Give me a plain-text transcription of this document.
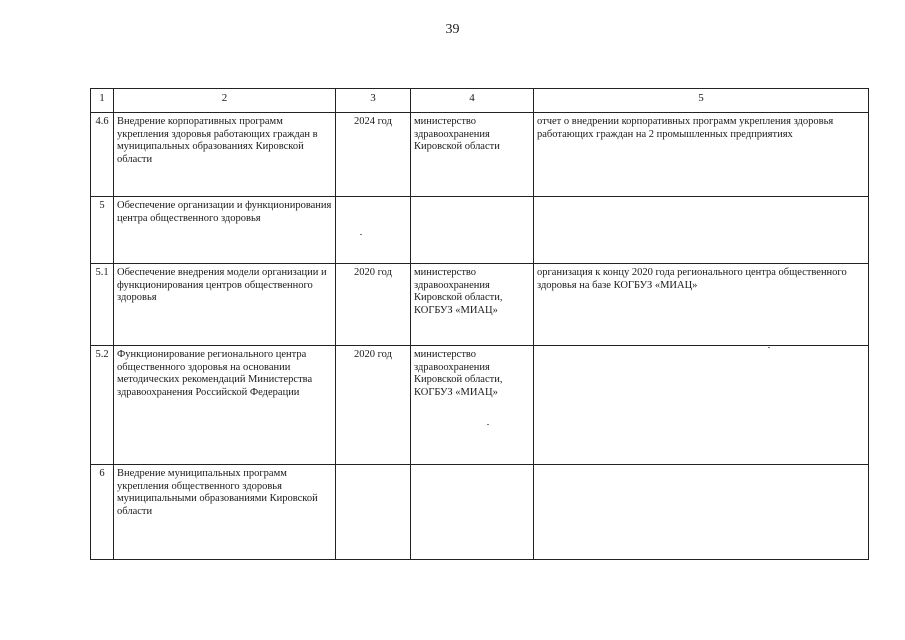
39
1	2	3	4	5
4.6	Внедрение корпоративных программ укрепления здоровья работающих граждан в муниципальных образованиях Кировской области	2024 год	министерство здравоохранения Кировской области	отчет о внедрении корпоративных программ укрепления здоровья работающих граждан на 2 промышленных предприятиях
5	Обеспечение организации и функционирования центра общественного здоровья			
5.1	Обеспечение внедрения модели организации и функционирования центров общественного здоровья	2020 год	министерство здравоохранения Кировской области, КОГБУЗ «МИАЦ»	организация к концу 2020 года регионального центра общественного здоровья на базе КОГБУЗ «МИАЦ»
5.2	Функционирование регионального центра общественного здоровья на основании методических рекомендаций Министерства здравоохранения Российской Федерации	2020 год	министерство здравоохранения Кировской области, КОГБУЗ «МИАЦ»	
6	Внедрение муниципальных программ укрепления общественного здоровья муниципальными образованиями Кировской области			
